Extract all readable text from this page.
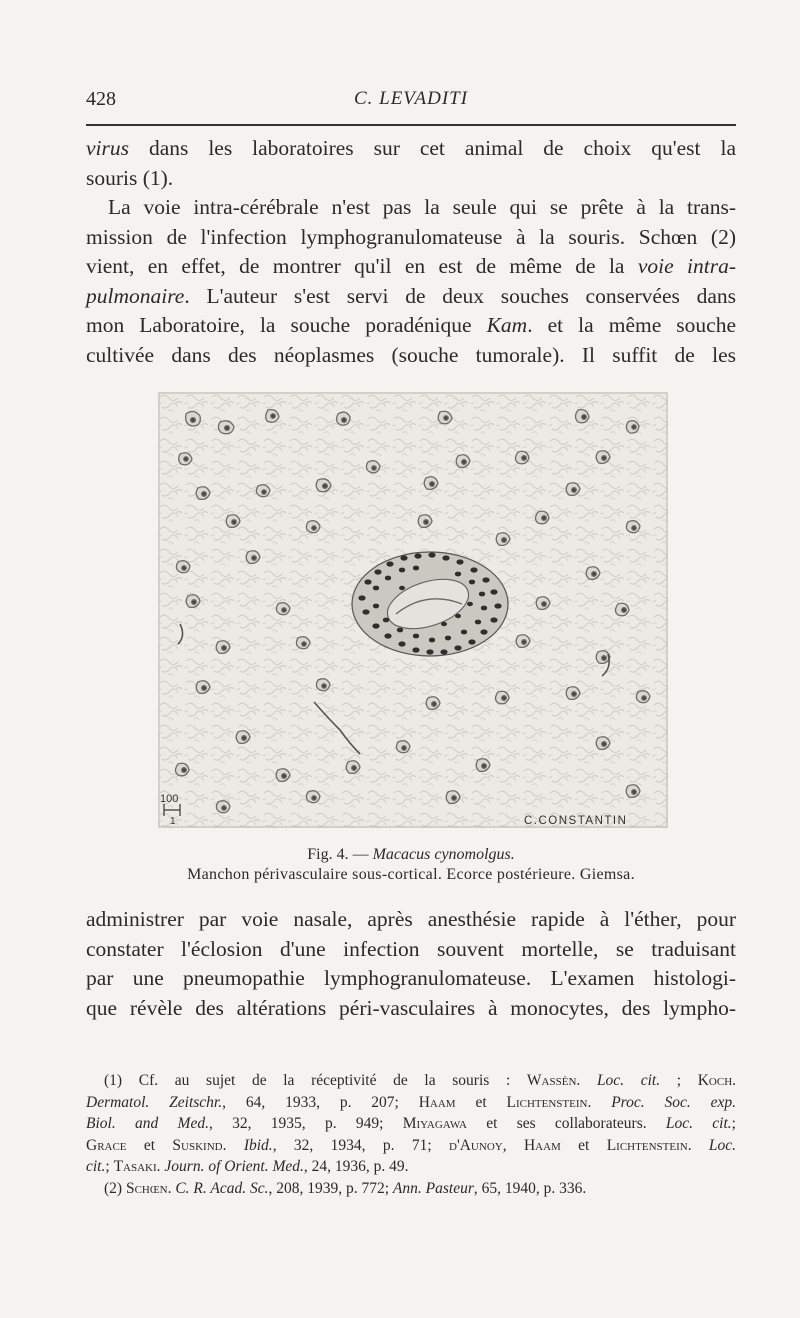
428	C. LEVADITI
virus dans les laboratoires sur cet animal de choix qu'est la
souris (1).
La voie intra-cérébrale n'est pas la seule qui se prête à la trans-
mission de l'infection lymphogranulomateuse à la souris. Schœn (2)
vient, en effet, de montrer qu'il en est de même de la voie intra-
pulmonaire. L'auteur s'est servi de deux souches conservées dans
mon Laboratoire, la souche poradénique Kam. et la même souche
cultivée dans des néoplasmes (souche tumorale). Il suffit de les
100
1	C.CONSTANTIN
Fig. 4. — Macacus cynomolgus.
Manchon périvasculaire sous-cortical. Ecorce postérieure. Giemsa.
administrer par voie nasale, après anesthésie rapide à l'éther, pour
constater l'éclosion d'une infection souvent mortelle, se traduisant
par une pneumopathie lymphogranulomateuse. L'examen histologi-
que révèle des altérations péri-vasculaires à monocytes, des lympho-
(1) Cf. au sujet de la réceptivité de la souris : Wassèn. Loc. cit. ; Koch.
Dermatol. Zeitschr., 64, 1933, p. 207; Haam et Lichtenstein. Proc. Soc. exp.
Biol. and Med., 32, 1935, p. 949; Miyagawa et ses collaborateurs. Loc. cit.;
Grace et Suskind. Ibid., 32, 1934, p. 71; d'Aunoy, Haam et Lichtenstein. Loc.
cit.; Tasaki. Journ. of Orient. Med., 24, 1936, p. 49.
(2) Schœn. C. R. Acad. Sc., 208, 1939, p. 772; Ann. Pasteur, 65, 1940, p. 336.
